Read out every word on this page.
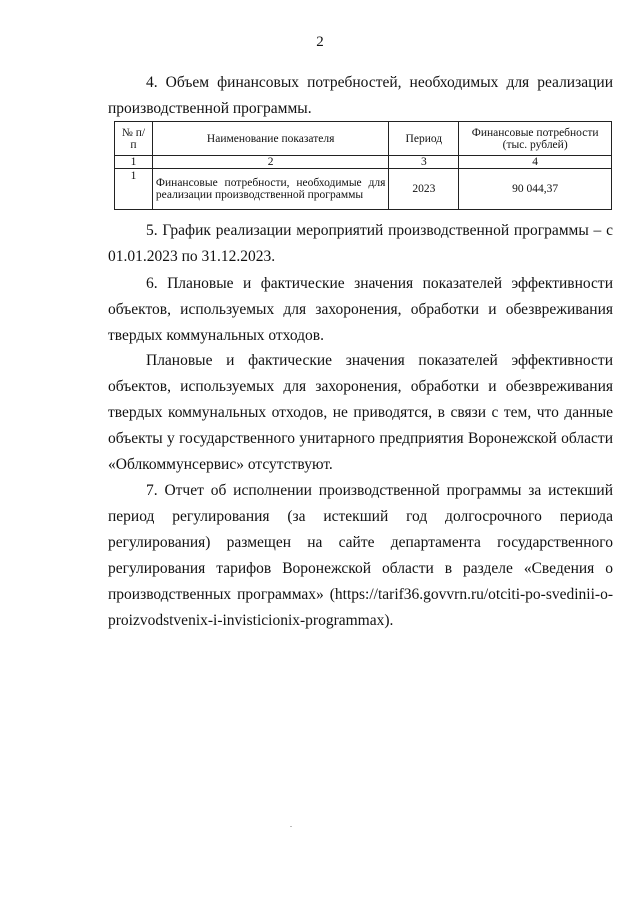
2

4. Объем финансовых потребностей, необходимых для реализации производственной программы.

№ п/п	Наименование показателя	Период	Финансовые потребности (тыс. рублей)
1	2	3	4
1	Финансовые потребности, необходимые для реализации производственной программы	2023	90 044,37

5. График реализации мероприятий производственной программы – с 01.01.2023 по 31.12.2023.

6. Плановые и фактические значения показателей эффективности объектов, используемых для захоронения, обработки и обезвреживания твердых коммунальных отходов.

Плановые и фактические значения показателей эффективности объектов, используемых для захоронения, обработки и обезвреживания твердых коммунальных отходов, не приводятся, в связи с тем, что данные объекты у государственного унитарного предприятия Воронежской области «Облкоммунсервис» отсутствуют.

7. Отчет об исполнении производственной программы за истекший период регулирования (за истекший год долгосрочного периода регулирования) размещен на сайте департамента государственного регулирования тарифов Воронежской области в разделе «Сведения о производственных программах» (https://tarif36.govvrn.ru/otciti-po-svedinii-o-proizvodstvenix-i-invisticionix-programmax).
